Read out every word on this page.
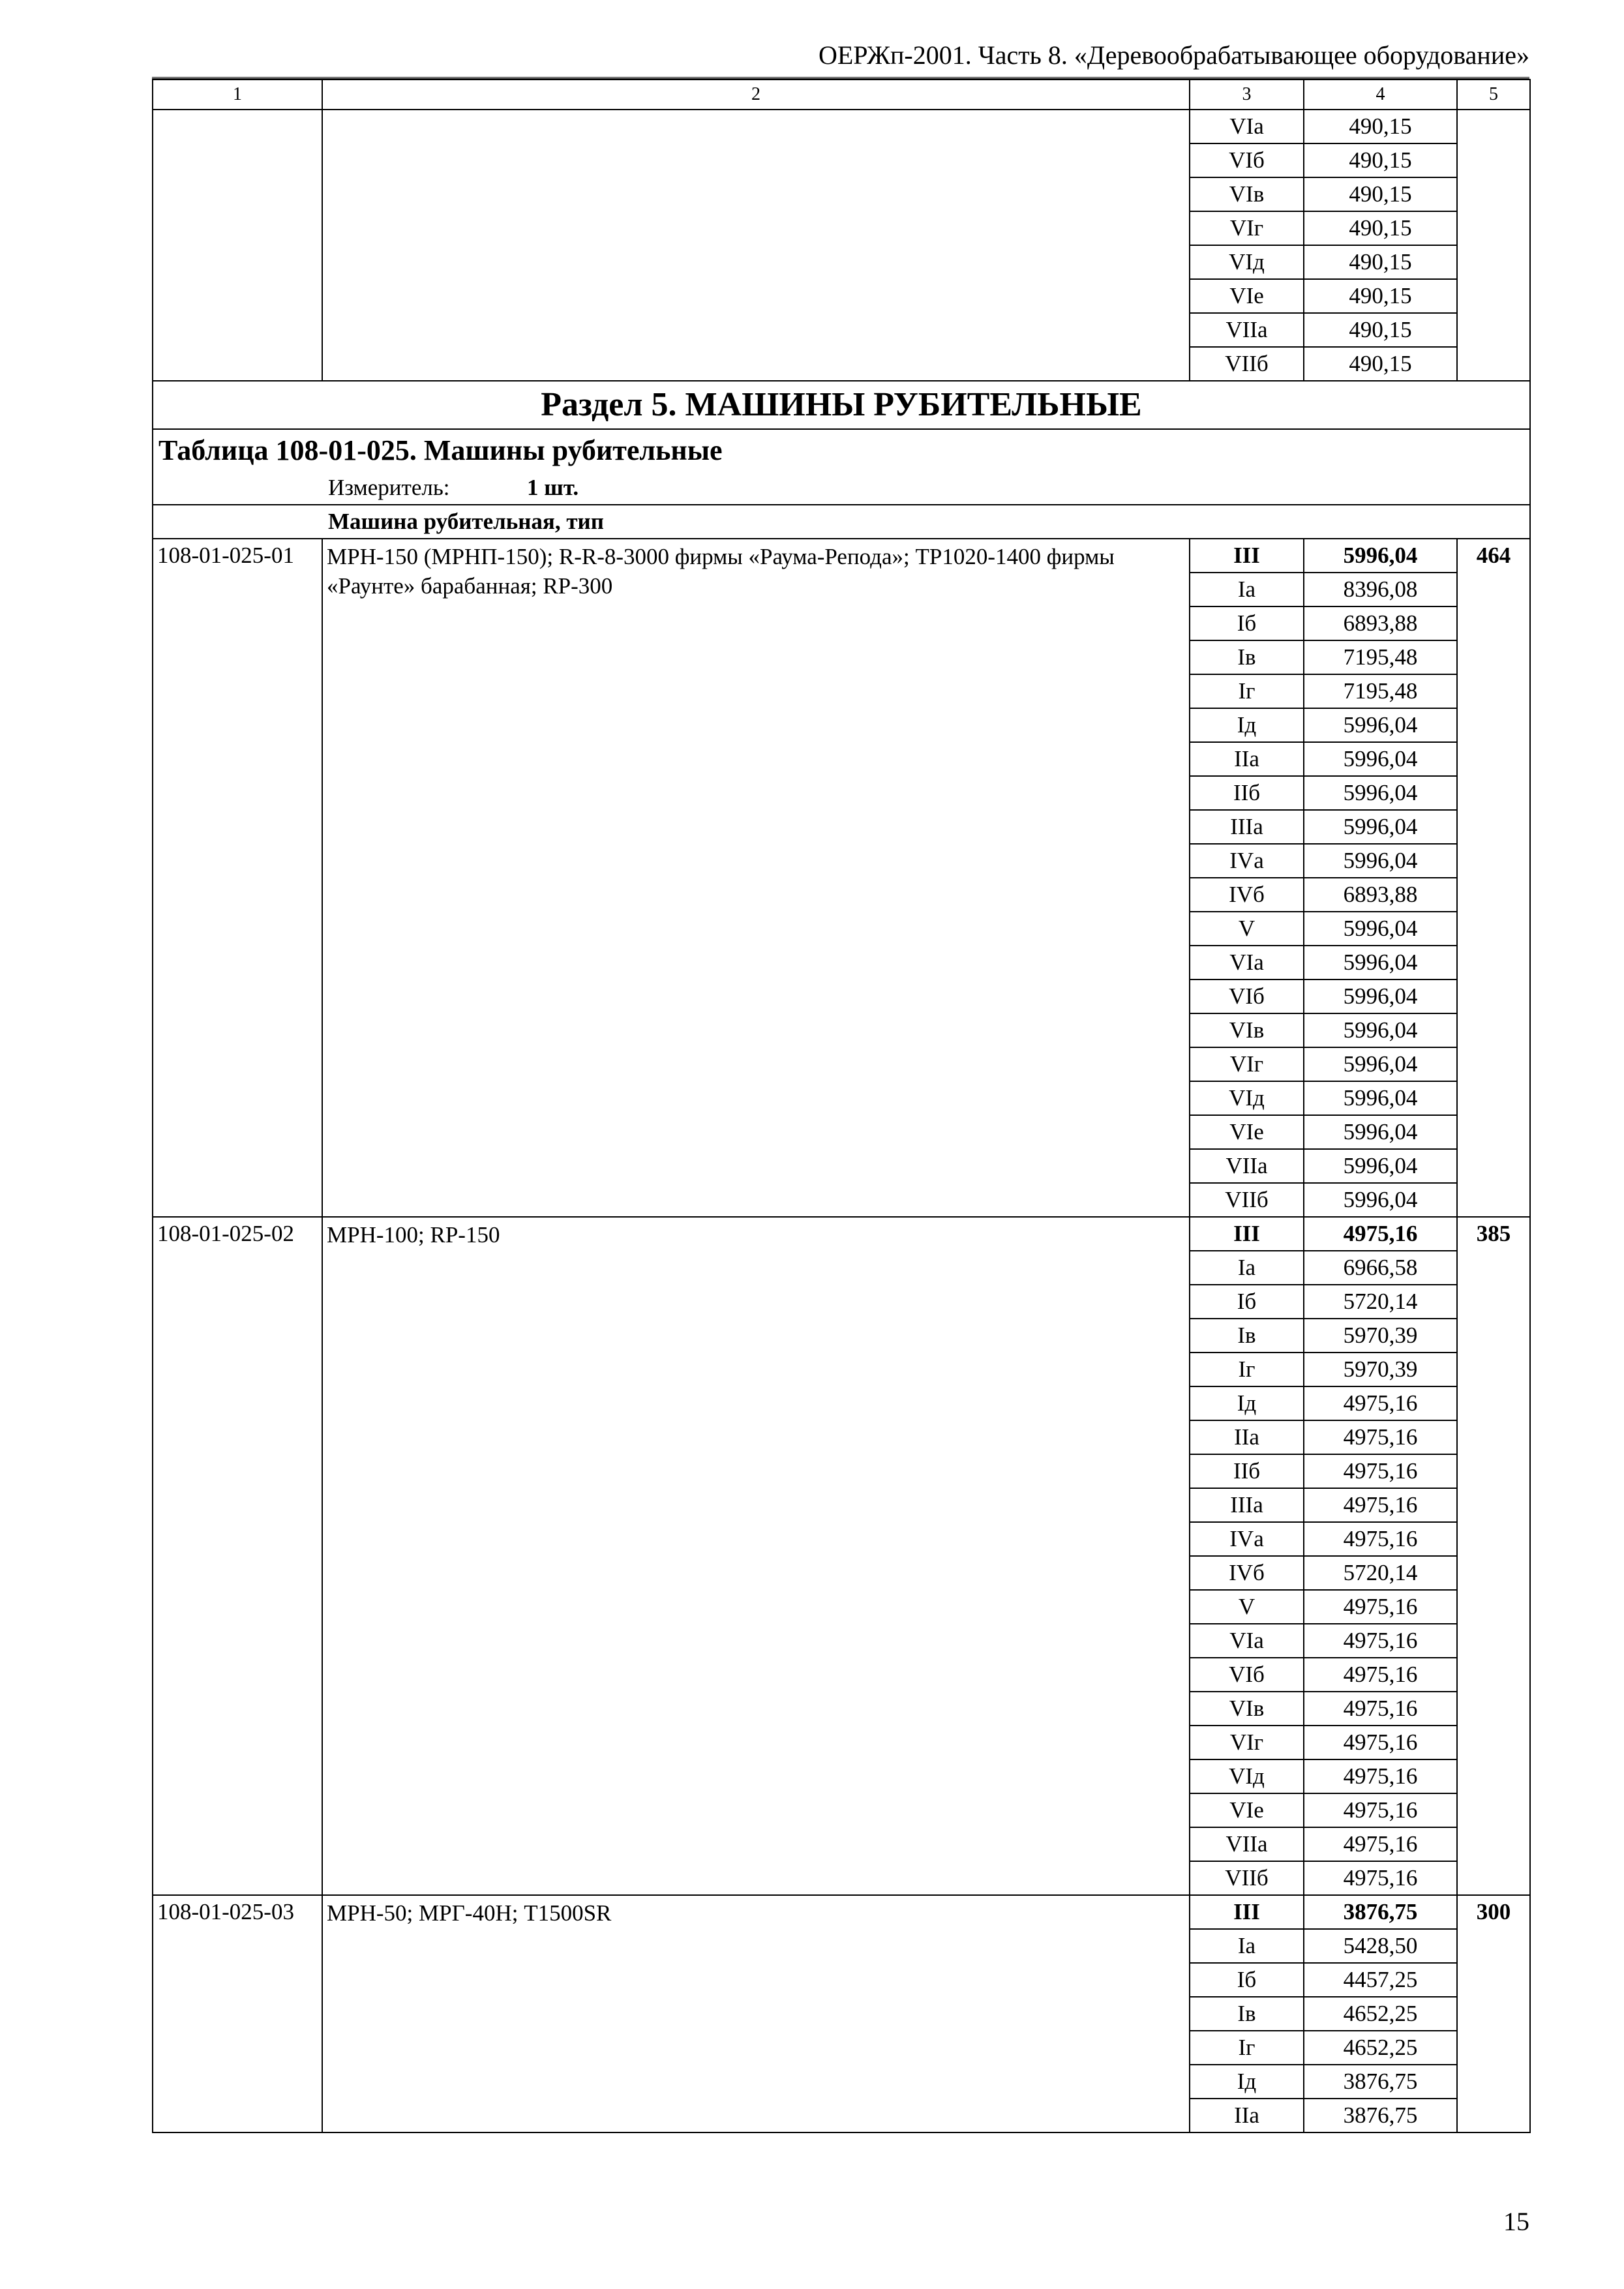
ОЕРЖп-2001. Часть 8. «Деревообрабатывающее оборудование»
1	2	3	4	5
		VIа	490,15	
		VIб	490,15	
		VIв	490,15	
		VIг	490,15	
		VIд	490,15	
		VIе	490,15	
		VIIа	490,15	
		VIIб	490,15	
Раздел 5. МАШИНЫ РУБИТЕЛЬНЫЕ				
Таблица 108-01-025. Машины рубительные				
Измеритель: 1 шт.				
Машина рубительная, тип				
108-01-025-01	МРН-150 (МРНП-150); R-R-8-3000 фирмы «Раума-Репода»; ТР1020-1400 фирмы «Раунте» барабанная; RР-300	III	5996,04	464
		Iа	8396,08	
		Iб	6893,88	
		Iв	7195,48	
		Iг	7195,48	
		Iд	5996,04	
		IIа	5996,04	
		IIб	5996,04	
		IIIа	5996,04	
		IVа	5996,04	
		IVб	6893,88	
		V	5996,04	
		VIа	5996,04	
		VIб	5996,04	
		VIв	5996,04	
		VIг	5996,04	
		VIд	5996,04	
		VIе	5996,04	
		VIIа	5996,04	
		VIIб	5996,04	
108-01-025-02	МРН-100; RР-150	III	4975,16	385
		Iа	6966,58	
		Iб	5720,14	
		Iв	5970,39	
		Iг	5970,39	
		Iд	4975,16	
		IIа	4975,16	
		IIб	4975,16	
		IIIа	4975,16	
		IVа	4975,16	
		IVб	5720,14	
		V	4975,16	
		VIа	4975,16	
		VIб	4975,16	
		VIв	4975,16	
		VIг	4975,16	
		VIд	4975,16	
		VIе	4975,16	
		VIIа	4975,16	
		VIIб	4975,16	
108-01-025-03	МРН-50; МРГ-40Н; Т1500SR	III	3876,75	300
		Iа	5428,50	
		Iб	4457,25	
		Iв	4652,25	
		Iг	4652,25	
		Iд	3876,75	
		IIа	3876,75	
15
